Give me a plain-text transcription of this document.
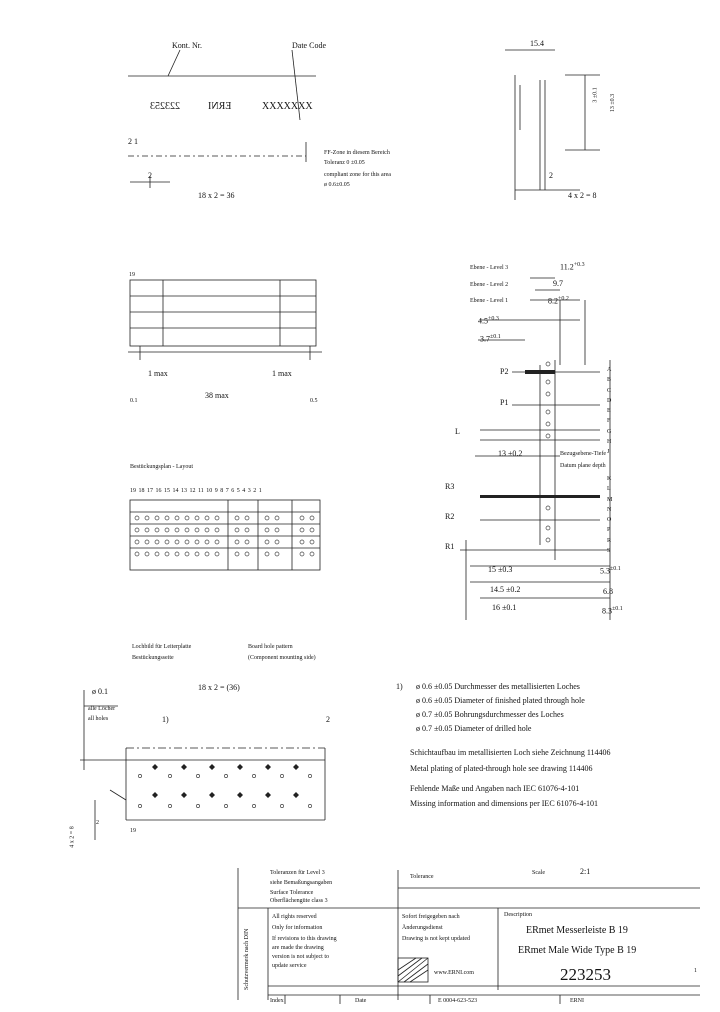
Kont. Nr.	Date Code
223253	ERNI	XXXXXXX
2 1
2
18 x 2 = 36
FF-Zone in diesem Bereich
Toleranz 0 ±0.05
compliant zone for this area
ø 0.6±0.05
15.4
3 ±0.1 13 ±0.3
2
4 x 2 = 8
19
1 max	1 max
38 max
0.1	0.5
Ebene - Level 3
Ebene - Level 2
Ebene - Level 1
$11.2^{+0.3}$
9.7
$8.2^{+0.2}$
$4.5^{+0.3}$
$3.7^{\pm 0.1}$
Bestückungsplan - Layout
19 18 17 16 15 14 13 12 11 10 9 8 7 6 5 4 3 2 1
P2
P1
L
R3
R2
R1
13 ±0.2	Bezugsebene-Tiefe
Datum plane depth
15 ±0.3
14.5 ±0.2
16 ±0.1
$5.3^{\pm 0.1}$
6.8
$8.3^{\pm 0.1}$
A
B
C
D
E
F
G
H
J

K
L
M
N
O
P
R
S
Lochbild für Leiterplatte
Bestückungsseite
Board hole pattern
(Component mounting side)
ø 0.1	18 x 2 = (36)
alle Löcher
all holes	1)	2
4 x 2 = 8
2
19
1) ø 0.6 ±0.05 Durchmesser des metallisierten Loches
ø 0.6 ±0.05 Diameter of finished plated through hole
ø 0.7 ±0.05 Bohrungsdurchmesser des Loches
ø 0.7 ±0.05 Diameter of drilled hole
Schichtaufbau im metallisierten Loch siehe Zeichnung 114406
Metal plating of plated-through hole see drawing 114406
Fehlende Maße und Angaben nach IEC 61076-4-101
Missing information and dimensions per IEC 61076-4-101
Toleranzen für Level 3
siehe Bemaßungsangaben
Surface Tolerance
Oberflächengüte class 3
Tolerance
Scale	2:1
Schutzvermerk nach DIN
All rights reserved
Only for information
If revisions to this drawing
are made the drawing
version is not subject to
update service
Sofort freigegeben nach
Änderungsdienst
Drawing is not kept updated
Description
ERmet Messerleiste B 19
ERmet Male Wide Type B 19
223253
www.ERNI.com
Index	Date	E 0004-623-523	ERNI
1
